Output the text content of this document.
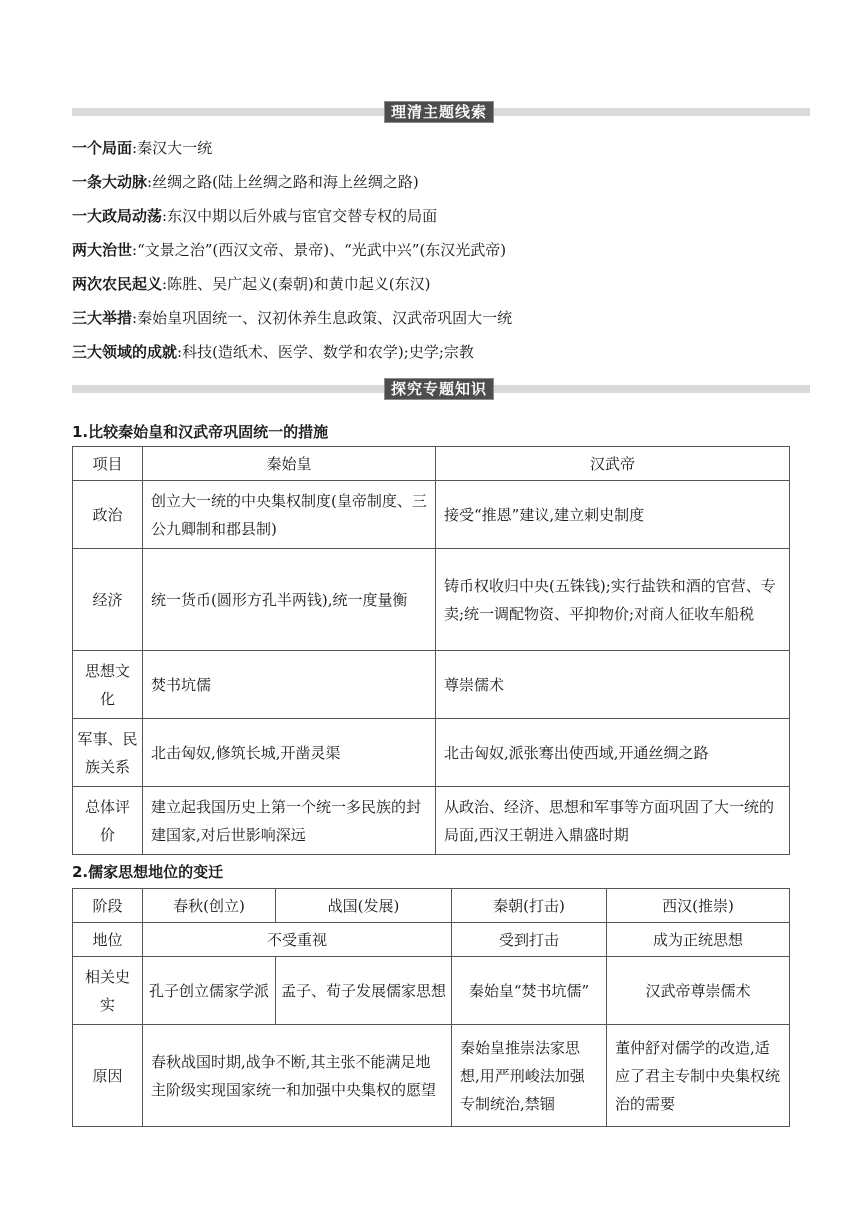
理清主题线索
一个局面:秦汉大一统
一条大动脉:丝绸之路(陆上丝绸之路和海上丝绸之路)
一大政局动荡:东汉中期以后外戚与宦官交替专权的局面
两大治世:“文景之治”(西汉文帝、景帝)、“光武中兴”(东汉光武帝)
两次农民起义:陈胜、吴广起义(秦朝)和黄巾起义(东汉)
三大举措:秦始皇巩固统一、汉初休养生息政策、汉武帝巩固大一统
三大领域的成就:科技(造纸术、医学、数学和农学);史学;宗教
探究专题知识
1.比较秦始皇和汉武帝巩固统一的措施
项目	秦始皇	汉武帝
政治	创立大一统的中央集权制度(皇帝制度、三公九卿制和郡县制)	接受“推恩”建议,建立刺史制度
经济	统一货币(圆形方孔半两钱),统一度量衡	铸币权收归中央(五铢钱);实行盐铁和酒的官营、专卖;统一调配物资、平抑物价;对商人征收车船税
思想文化	焚书坑儒	尊崇儒术
军事、民族关系	北击匈奴,修筑长城,开凿灵渠	北击匈奴,派张骞出使西域,开通丝绸之路
总体评价	建立起我国历史上第一个统一多民族的封建国家,对后世影响深远	从政治、经济、思想和军事等方面巩固了大一统的局面,西汉王朝进入鼎盛时期
2.儒家思想地位的变迁
阶段	春秋(创立)	战国(发展)	秦朝(打击)	西汉(推崇)
地位	不受重视		受到打击	成为正统思想
相关史实	孔子创立儒家学派	孟子、荀子发展儒家思想	秦始皇“焚书坑儒”	汉武帝尊崇儒术
原因	春秋战国时期,战争不断,其主张不能满足地主阶级实现国家统一和加强中央集权的愿望		秦始皇推崇法家思想,用严刑峻法加强专制统治,禁锢	董仲舒对儒学的改造,适应了君主专制中央集权统治的需要
